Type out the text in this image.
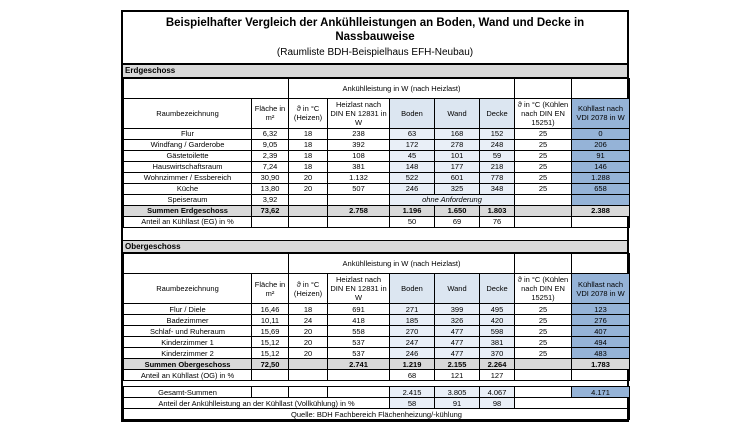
Beispielhafter Vergleich der Ankühlleistungen an Boden, Wand und Decke in Nassbauweise
(Raumliste BDH-Beispielhaus EFH-Neubau)
Erdgeschoss
		Ankühlleistung in W (nach Heizlast)						
Raumbezeichnung	Fläche in m²	ϑ in °C (Heizen)	Heizlast nach DIN EN 12831 in W	Boden	Wand	Decke	ϑ in °C (Kühlen nach DIN EN 15251)	Kühllast nach VDI 2078 in W
Flur	6,32	18	238	63	168	152	25	0
Windfang / Garderobe	9,05	18	392	172	278	248	25	206
Gästetoilette	2,39	18	108	45	101	59	25	91
Hauswirtschaftsraum	7,24	18	381	148	177	218	25	146
Wohnzimmer / Essbereich	30,90	20	1.132	522	601	778	25	1.288
Küche	13,80	20	507	246	325	348	25	658
Speiseraum	3,92			ohne Anforderung				
Summen Erdgeschoss	73,62		2.758	1.196	1.650	1.803		2.388
Anteil an Kühllast (EG) in %				50	69	76		
Obergeschoss
		Ankühlleistung in W (nach Heizlast)						
Raumbezeichnung	Fläche in m²	ϑ in °C (Heizen)	Heizlast nach DIN EN 12831 in W	Boden	Wand	Decke	ϑ in °C (Kühlen nach DIN EN 15251)	Kühllast nach VDI 2078 in W
Flur / Diele	16,46	18	691	271	399	495	25	123
Badezimmer	10,11	24	418	185	326	420	25	276
Schlaf- und Ruheraum	15,69	20	558	270	477	598	25	407
Kinderzimmer 1	15,12	20	537	247	477	381	25	494
Kinderzimmer 2	15,12	20	537	246	477	370	25	483
Summen Obergeschoss	72,50		2.741	1.219	2.155	2.264		1.783
Anteil an Kühllast (OG) in %				68	121	127		
Gesamt-Summen				2.415	3.805	4.067		4.171
Anteil der Ankühlleistung an der Kühllast (Vollkühlung) in %				58	91	98		
Quelle: BDH Fachbereich Flächenheizung/-kühlung								
